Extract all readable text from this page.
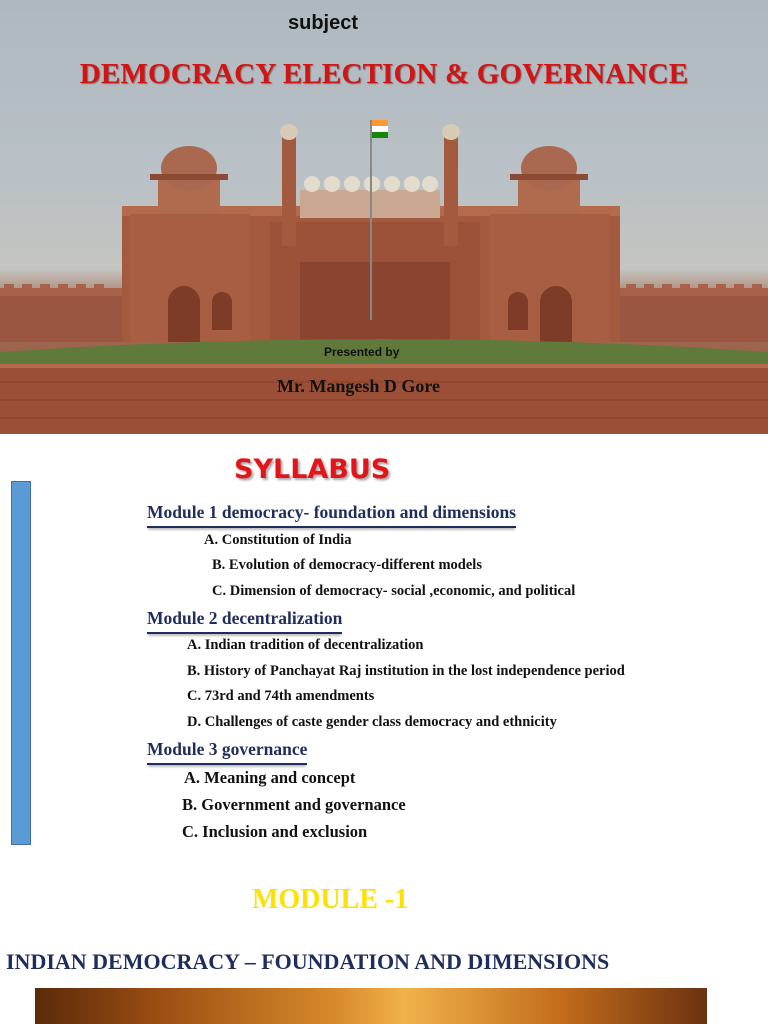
subject
DEMOCRACY ELECTION & GOVERNANCE
Presented by
Mr. Mangesh D Gore
SYLLABUS
Module 1 democracy- foundation and dimensions
A. Constitution of India
B. Evolution of democracy-different models
C. Dimension of democracy- social ,economic, and political
Module 2 decentralization
A. Indian tradition of decentralization
B. History of Panchayat Raj institution in the lost independence period
C. 73rd and 74th amendments
D. Challenges of caste gender class democracy and ethnicity
Module 3 governance
A. Meaning and concept
B. Government and governance
C. Inclusion and exclusion
MODULE -1
INDIAN DEMOCRACY – FOUNDATION AND DIMENSIONS
